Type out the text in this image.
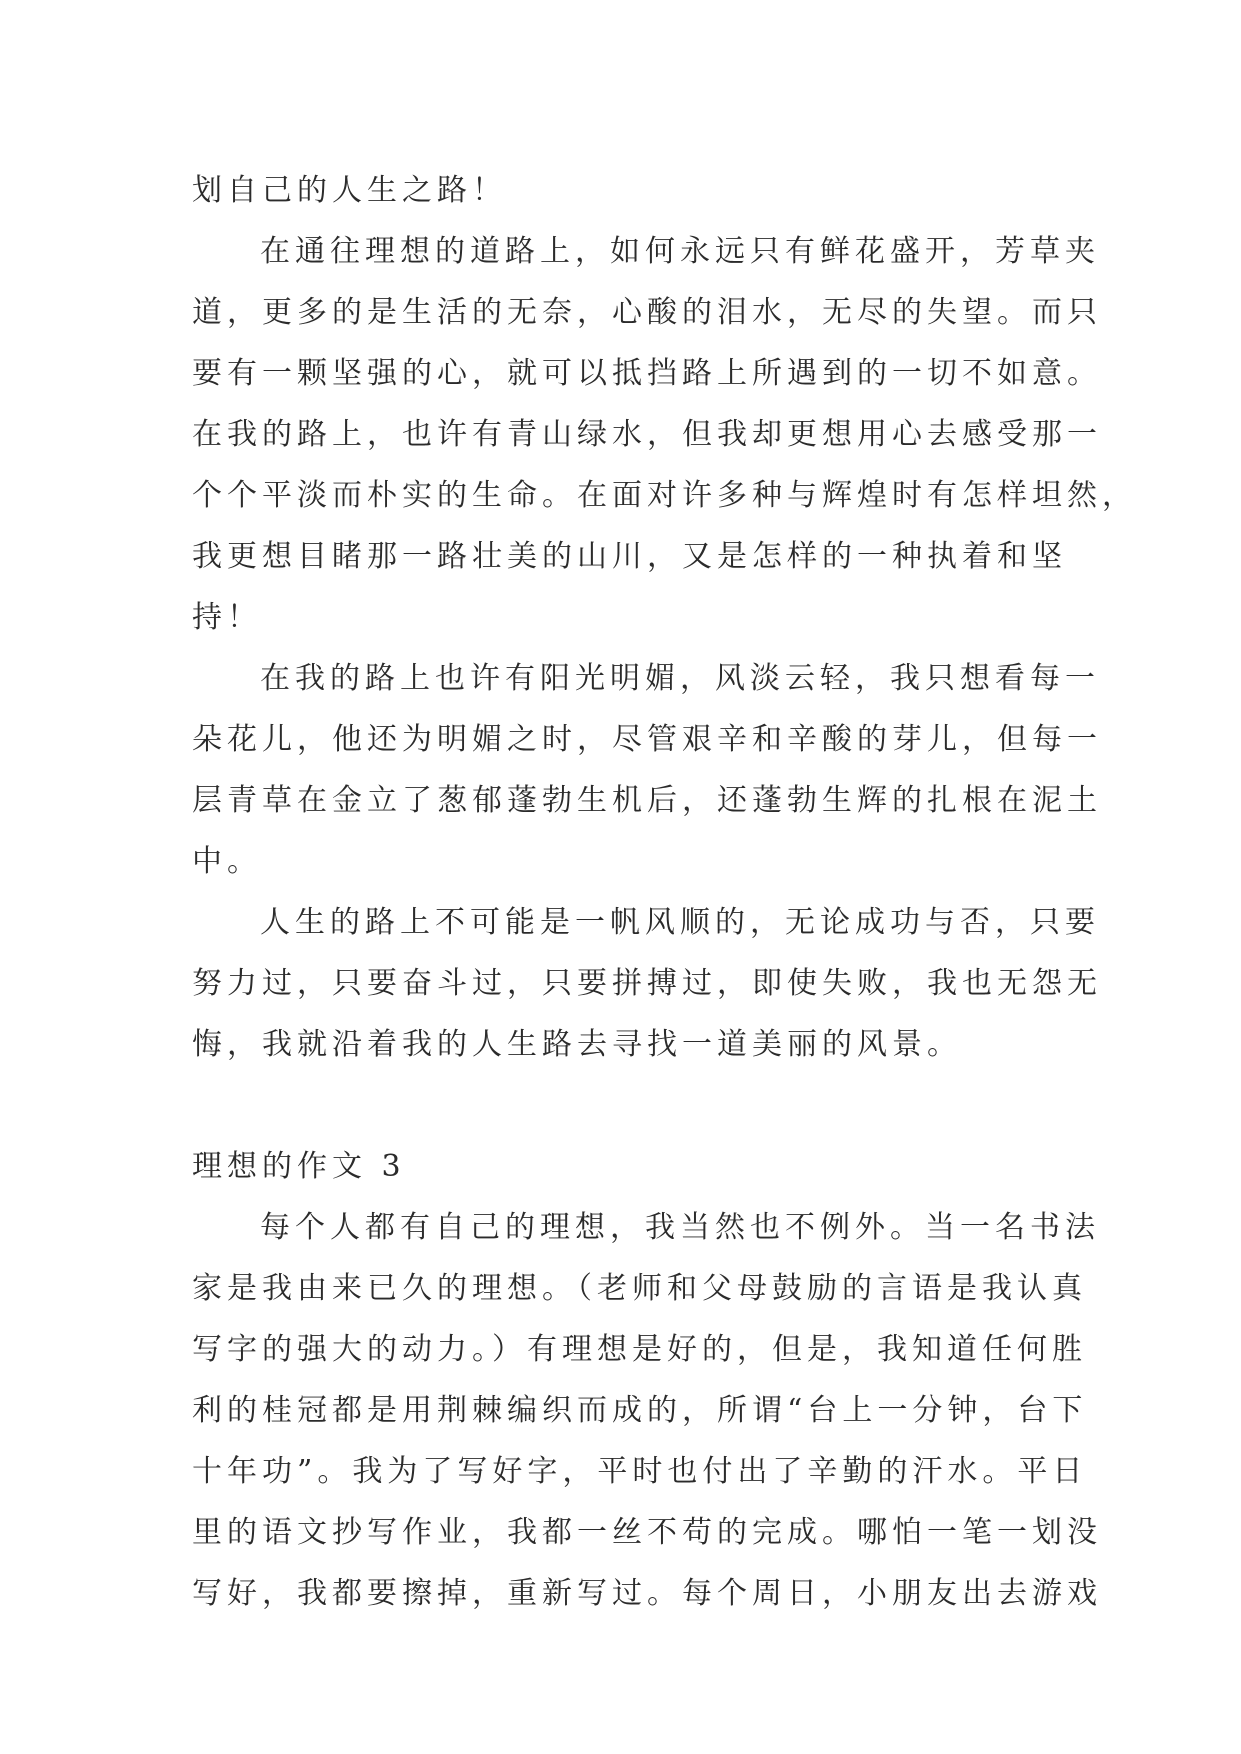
划自己的人生之路！
在通往理想的道路上，如何永远只有鲜花盛开，芳草夹
道，更多的是生活的无奈，心酸的泪水，无尽的失望。而只
要有一颗坚强的心，就可以抵挡路上所遇到的一切不如意。
在我的路上，也许有青山绿水，但我却更想用心去感受那一
个个平淡而朴实的生命。在面对许多种与辉煌时有怎样坦然，
我更想目睹那一路壮美的山川，又是怎样的一种执着和坚
持！
在我的路上也许有阳光明媚，风淡云轻，我只想看每一
朵花儿，他还为明媚之时，尽管艰辛和辛酸的芽儿，但每一
层青草在金立了葱郁蓬勃生机后，还蓬勃生辉的扎根在泥土
中。
人生的路上不可能是一帆风顺的，无论成功与否，只要
努力过，只要奋斗过，只要拼搏过，即使失败，我也无怨无
悔，我就沿着我的人生路去寻找一道美丽的风景。
理想的作文 3
每个人都有自己的理想，我当然也不例外。当一名书法
家是我由来已久的理想。（老师和父母鼓励的言语是我认真
写字的强大的动力。）有理想是好的，但是，我知道任何胜
利的桂冠都是用荆棘编织而成的，所谓“台上一分钟，台下
十年功”。我为了写好字，平时也付出了辛勤的汗水。平日
里的语文抄写作业，我都一丝不苟的完成。哪怕一笔一划没
写好，我都要擦掉，重新写过。每个周日，小朋友出去游戏
